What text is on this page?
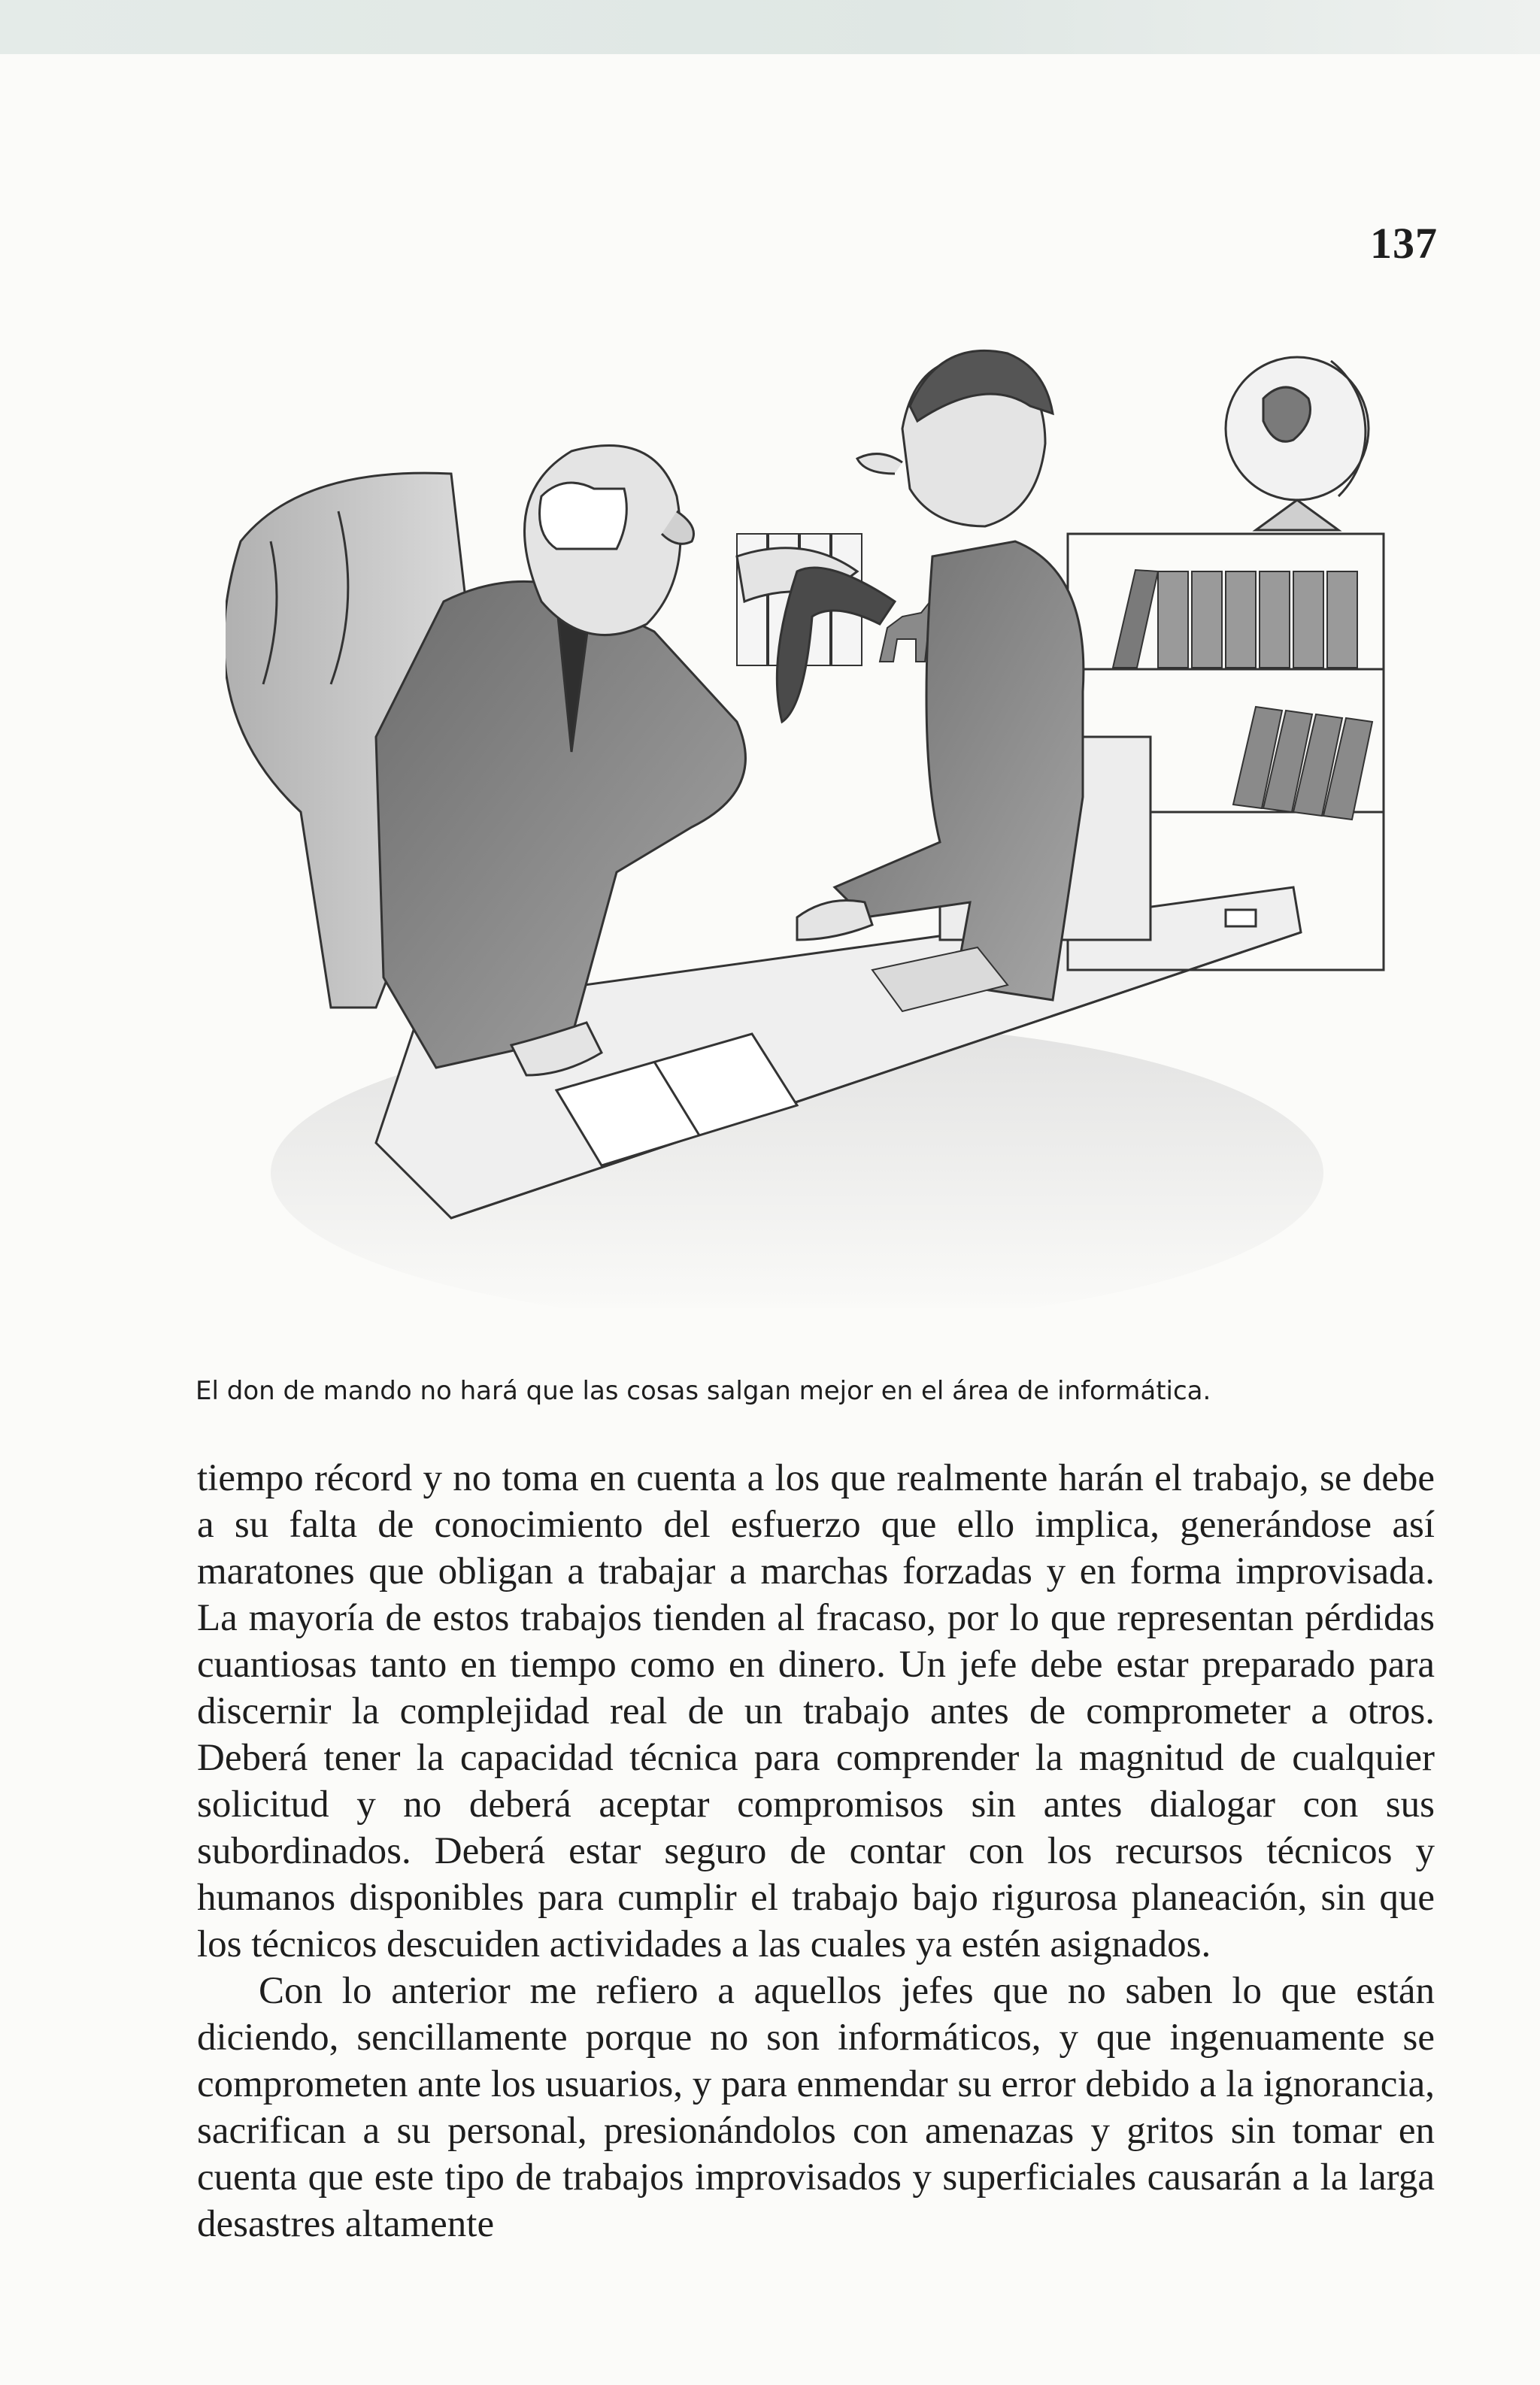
137
El don de mando no hará que las cosas salgan mejor en el área de informática.

tiempo récord y no toma en cuenta a los que realmente harán el trabajo, se debe a su falta de conocimiento del esfuerzo que ello implica, generándose así maratones que obligan a trabajar a marchas forzadas y en forma improvisada. La mayoría de estos trabajos tienden al fracaso, por lo que representan pérdidas cuantiosas tanto en tiempo como en dinero. Un jefe debe estar preparado para discernir la complejidad real de un trabajo antes de comprometer a otros. Deberá tener la capacidad técnica para comprender la magnitud de cualquier solicitud y no deberá aceptar compromisos sin antes dialogar con sus subordinados. Deberá estar seguro de contar con los recursos técnicos y humanos disponibles para cumplir el trabajo bajo rigurosa planeación, sin que los técnicos descuiden actividades a las cuales ya estén asignados.

Con lo anterior me refiero a aquellos jefes que no saben lo que están diciendo, sencillamente porque no son informáticos, y que ingenuamente se comprometen ante los usuarios, y para enmendar su error debido a la ignorancia, sacrifican a su personal, presionándolos con amenazas y gritos sin tomar en cuenta que este tipo de trabajos improvisados y superficiales causarán a la larga desastres altamente
